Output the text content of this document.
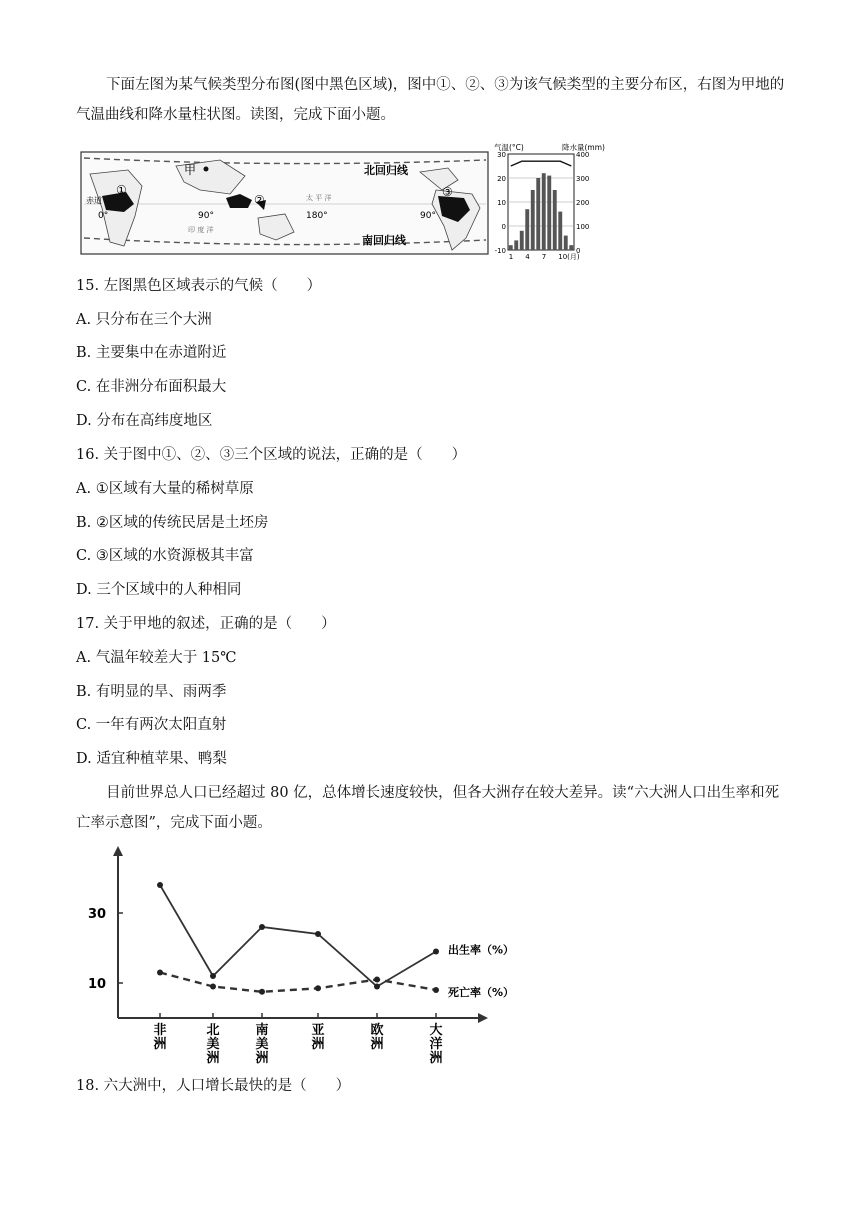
下面左图为某气候类型分布图(图中黑色区域)，图中①、②、③为该气候类型的主要分布区，右图为甲地的气温曲线和降水量柱状图。读图，完成下面小题。
甲	北回归线
南回归线
赤道
0°	90°	180°	90°
印 度 洋
太 平 洋
①
②
③
气温(°C)	降水量(mm)
30
20
10
0
-10
400
300
200
100
0
1 4 7 10(月)
15. 左图黑色区域表示的气候（　　）
A. 只分布在三个大洲
B. 主要集中在赤道附近
C. 在非洲分布面积最大
D. 分布在高纬度地区
16. 关于图中①、②、③三个区域的说法，正确的是（　　）
A. ①区域有大量的稀树草原
B. ②区域的传统民居是土坯房
C. ③区域的水资源极其丰富
D. 三个区域中的人种相同
17. 关于甲地的叙述，正确的是（　　）
A. 气温年较差大于 15℃
B. 有明显的旱、雨两季
C. 一年有两次太阳直射
D. 适宜种植苹果、鸭梨
目前世界总人口已经超过 80 亿，总体增长速度较快，但各大洲存在较大差异。读“六大洲人口出生率和死亡率示意图”，完成下面小题。
30
10
非洲
北美洲
南美洲
亚洲
欧洲
大洋洲
出生率（%）
死亡率（%）
18. 六大洲中，人口增长最快的是（　　）
